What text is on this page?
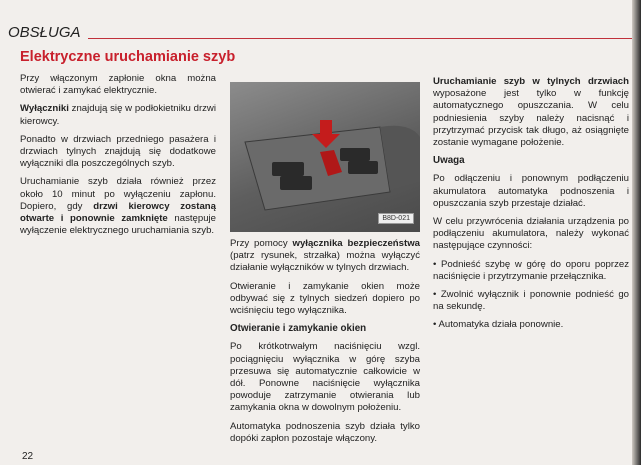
OBSŁUGA
Elektryczne uruchamianie szyb

Przy włączonym zapłonie okna można otwierać i zamykać elektrycznie.

Wyłączniki znajdują się w podłokietniku drzwi kierowcy.

Ponadto w drzwiach przedniego pasażera i drzwiach tylnych znajdują się dodatkowe wyłączniki dla poszczególnych szyb.

Uruchamianie szyb działa również przez około 10 minut po wyłączeniu zapłonu. Dopiero, gdy drzwi kierowcy zostaną otwarte i ponownie zamknięte następuje wyłączenie elektrycznego uruchamiania szyb.

B8D-021

Przy pomocy wyłącznika bezpieczeństwa (patrz rysunek, strzałka) można wyłączyć działanie wyłączników w tylnych drzwiach.

Otwieranie i zamykanie okien może odbywać się z tylnych siedzeń dopiero po wciśnięciu tego wyłącznika.

Otwieranie i zamykanie okien

Po krótkotrwałym naciśnięciu wzgl. pociągnięciu wyłącznika w górę szyba przesuwa się automatycznie całkowicie w dół. Ponowne naciśnięcie wyłącznika powoduje zatrzymanie otwierania lub zamykania okna w dowolnym położeniu.

Automatyka podnoszenia szyb działa tylko dopóki zapłon pozostaje włączony.

Uruchamianie szyb w tylnych drzwiach wyposażone jest tylko w funkcję automatycznego opuszczania. W celu podniesienia szyby należy nacisnąć i przytrzymać przycisk tak długo, aż osiągnięte zostanie wymagane położenie.

Uwaga

Po odłączeniu i ponownym podłączeniu akumulatora automatyka podnoszenia i opuszczania szyb przestaje działać.

W celu przywrócenia działania urządzenia po podłączeniu akumulatora, należy wykonać następujące czynności:

• Podnieść szybę w górę do oporu poprzez naciśnięcie i przytrzymanie przełącznika.

• Zwolnić wyłącznik i ponownie podnieść go na sekundę.

• Automatyka działa ponownie.

22
